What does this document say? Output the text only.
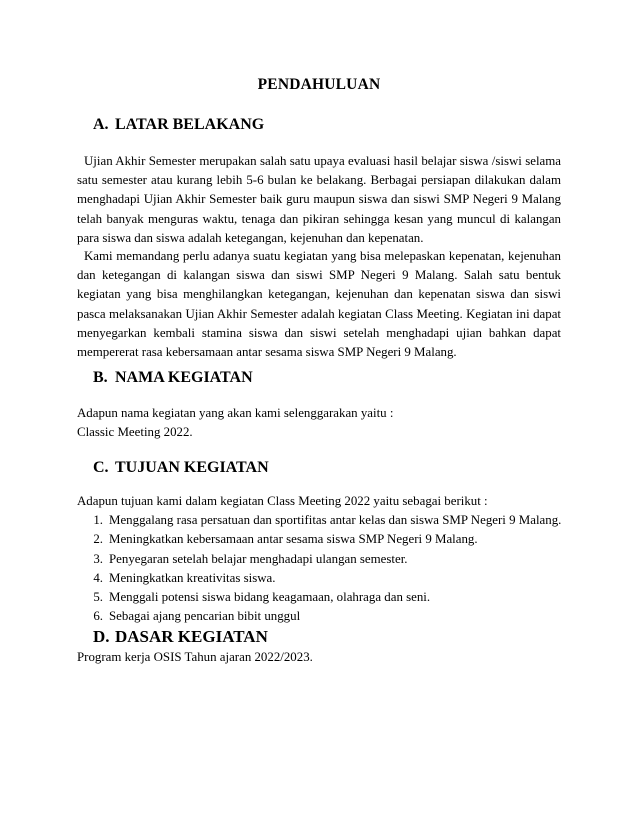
PENDAHULUAN
A. LATAR BELAKANG

Ujian Akhir Semester merupakan salah satu upaya evaluasi hasil belajar siswa /siswi selama satu semester atau kurang lebih 5-6 bulan ke belakang. Berbagai persiapan dilakukan dalam menghadapi Ujian Akhir Semester baik guru maupun siswa dan siswi SMP Negeri 9 Malang telah banyak menguras waktu, tenaga dan pikiran sehingga kesan yang muncul di kalangan para siswa dan siswa adalah ketegangan, kejenuhan dan kepenatan.

Kami memandang perlu adanya suatu kegiatan yang bisa melepaskan kepenatan, kejenuhan dan ketegangan di kalangan siswa dan siswi SMP Negeri 9 Malang. Salah satu bentuk kegiatan yang bisa menghilangkan ketegangan, kejenuhan dan kepenatan siswa dan siswi pasca melaksanakan Ujian Akhir Semester adalah kegiatan Class Meeting. Kegiatan ini dapat menyegarkan kembali stamina siswa dan siswi setelah menghadapi ujian bahkan dapat mempererat rasa kebersamaan antar sesama siswa SMP Negeri 9 Malang.

B. NAMA KEGIATAN
Adapun nama kegiatan yang akan kami selenggarakan yaitu :
Classic Meeting 2022.
C. TUJUAN KEGIATAN
Adapun tujuan kami dalam kegiatan Class Meeting 2022 yaitu sebagai berikut :
1. Menggalang rasa persatuan dan sportifitas antar kelas dan siswa SMP Negeri 9 Malang.
2. Meningkatkan kebersamaan antar sesama siswa SMP Negeri 9 Malang.
3. Penyegaran setelah belajar menghadapi ulangan semester.
4. Meningkatkan kreativitas siswa.
5. Menggali potensi siswa bidang keagamaan, olahraga dan seni.
6. Sebagai ajang pencarian bibit unggul
D. DASAR KEGIATAN
Program kerja OSIS Tahun ajaran 2022/2023.
